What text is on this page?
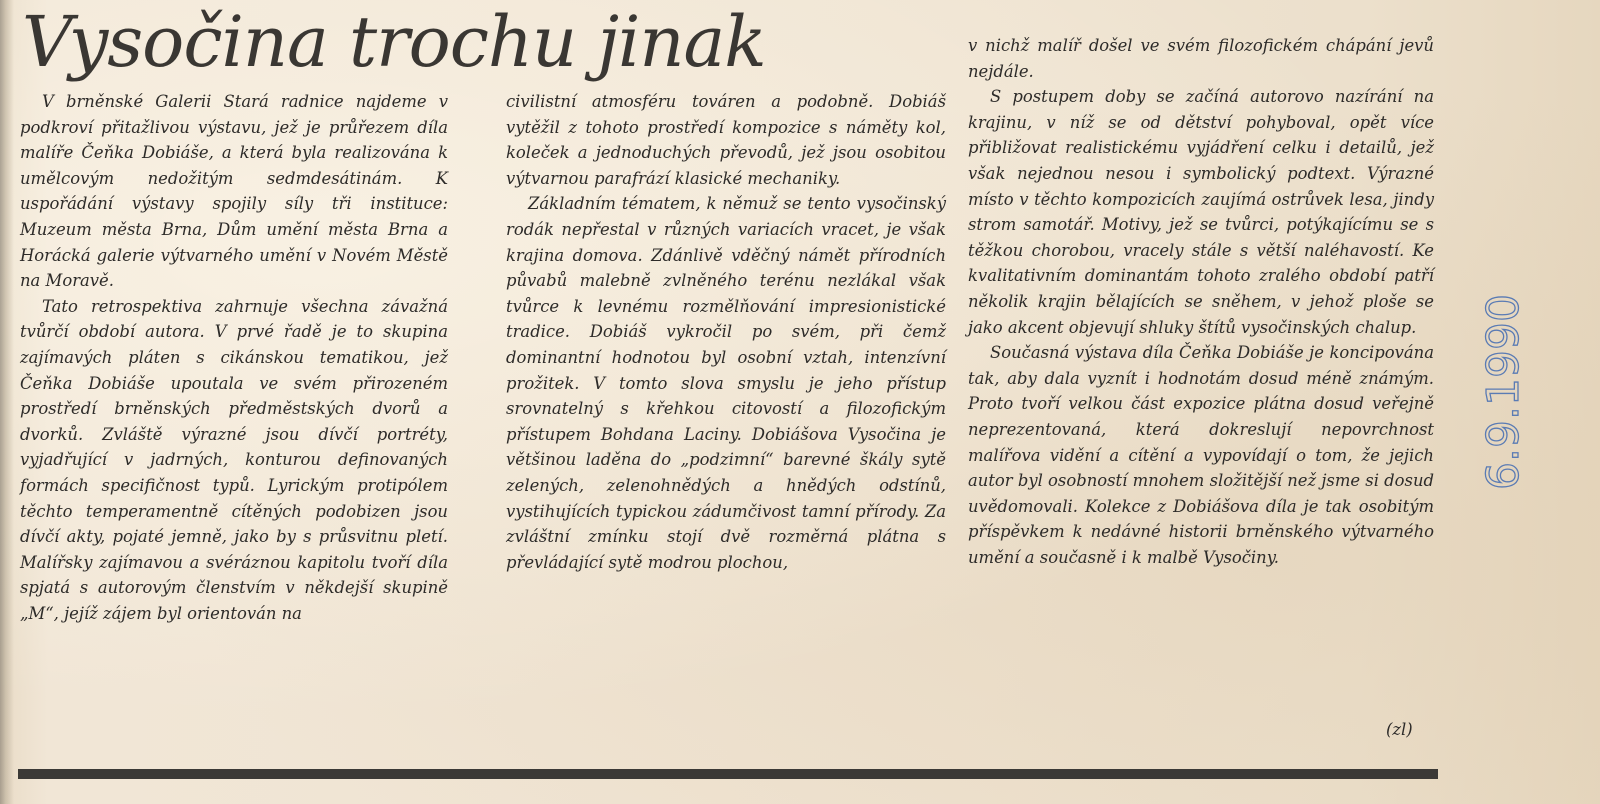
Vysočina trochu jinak

V brněnské Galerii Stará radnice najdeme v podkroví přitažlivou výstavu, jež je průřezem díla malíře Čeňka Dobiáše, a která byla realizována k umělcovým nedožitým sedmdesátinám. K uspořádání výstavy spojily síly tři instituce: Muzeum města Brna, Dům umění města Brna a Horácká galerie výtvarného umění v Novém Městě na Moravě.

Tato retrospektiva zahrnuje všechna závažná tvůrčí období autora. V prvé řadě je to skupina zajímavých pláten s cikánskou tematikou, jež Čeňka Dobiáše upoutala ve svém přirozeném prostředí brněnských předměstských dvorů a dvorků. Zvláště výrazné jsou dívčí portréty, vyjadřující v jadrných, konturou definovaných formách specifičnost typů. Lyrickým protipólem těchto temperamentně cítěných podobizen jsou dívčí akty, pojaté jemně, jako by s průsvitnu pletí. Malířsky zajímavou a svéráznou kapitolu tvoří díla spjatá s autorovým členstvím v někdejší skupině „M“, jejíž zájem byl orientován na

civilistní atmosféru továren a podobně. Dobiáš vytěžil z tohoto prostředí kompozice s náměty kol, koleček a jednoduchých převodů, jež jsou osobitou výtvarnou parafrází klasické mechaniky.

Základním tématem, k němuž se tento vysočinský rodák nepřestal v různých variacích vracet, je však krajina domova. Zdánlivě vděčný námět přírodních půvabů malebně zvlněného terénu nezlákal však tvůrce k levnému rozmělňování impresionistické tradice. Dobiáš vykročil po svém, při čemž dominantní hodnotou byl osobní vztah, intenzívní prožitek. V tomto slova smyslu je jeho přístup srovnatelný s křehkou citovostí a filozofickým přístupem Bohdana Laciny. Dobiášova Vysočina je většinou laděna do „podzimní“ barevné škály sytě zelených, zelenohnědých a hnědých odstínů, vystihujících typickou zádumčivost tamní přírody. Za zvláštní zmínku stojí dvě rozměrná plátna s převládající sytě modrou plochou,

v nichž malíř došel ve svém filozofickém chápání jevů nejdále.

S postupem doby se začíná autorovo nazírání na krajinu, v níž se od dětství pohyboval, opět více přibližovat realistickému vyjádření celku i detailů, jež však nejednou nesou i symbolický podtext. Výrazné místo v těchto kompozicích zaujímá ostrůvek lesa, jindy strom samotář. Motivy, jež se tvůrci, potýkajícímu se s těžkou chorobou, vracely stále s větší naléhavostí. Ke kvalitativním dominantám tohoto zralého období patří několik krajin bělajících se sněhem, v jehož ploše se jako akcent objevují shluky štítů vysočinských chalup.

Současná výstava díla Čeňka Dobiáše je koncipována tak, aby dala vyznít i hodnotám dosud méně známým. Proto tvoří velkou část expozice plátna dosud veřejně neprezentovaná, která dokreslují nepovrchnost malířova vidění a cítění a vypovídají o tom, že jejich autor byl osobností mnohem složitější než jsme si dosud uvědomovali. Kolekce z Dobiášova díla je tak osobitým příspěvkem k nedávné historii brněnského výtvarného umění a současně i k malbě Vysočiny.

(zl)
6.9.1990
